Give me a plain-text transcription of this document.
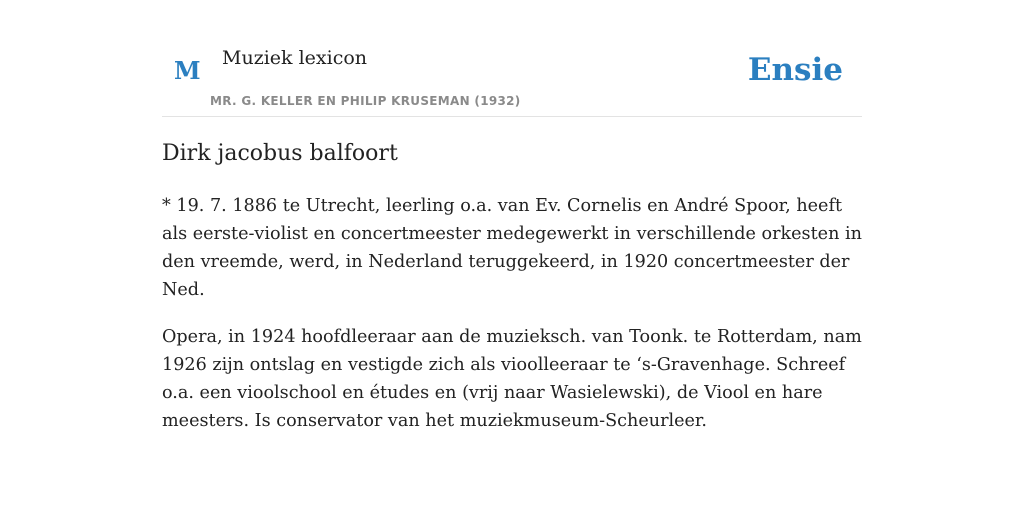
M Muziek lexicon
MR. G. KELLER EN PHILIP KRUSEMAN (1932)
Ensie
Dirk jacobus balfoort

* 19. 7. 1886 te Utrecht, leerling o.a. van Ev. Cornelis en André Spoor, heeft als eerste-violist en concertmeester medegewerkt in verschillende orkesten in den vreemde, werd, in Nederland teruggekeerd, in 1920 concertmeester der Ned.

Opera, in 1924 hoofdleeraar aan de muzieksch. van Toonk. te Rotterdam, nam 1926 zijn ontslag en vestigde zich als vioolleeraar te ‘s-Gravenhage. Schreef o.a. een vioolschool en études en (vrij naar Wasielewski), de Viool en hare meesters. Is conservator van het muziekmuseum-Scheurleer.
